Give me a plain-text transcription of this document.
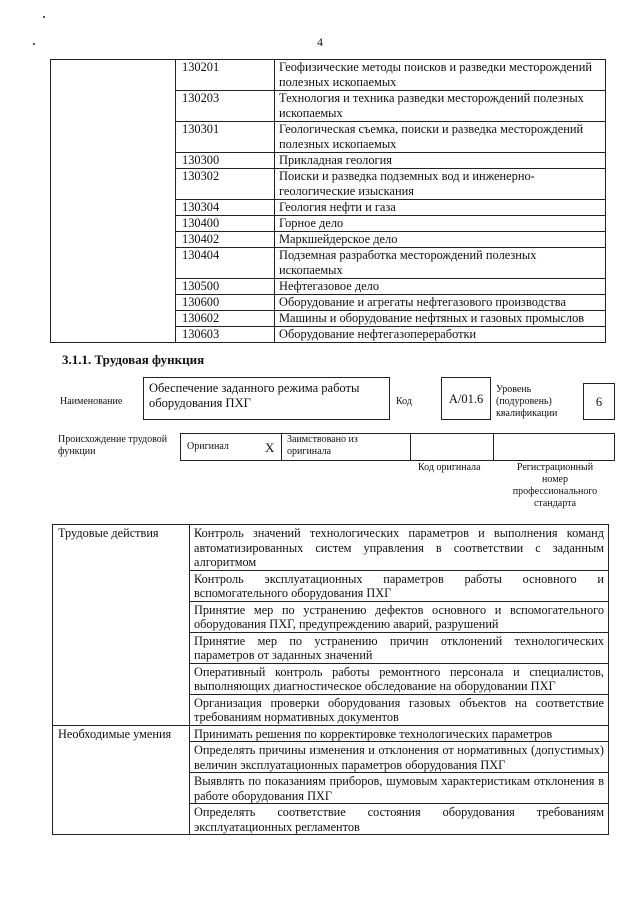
4
	130201	Геофизические методы поисков и разведки месторождений полезных ископаемых
	130203	Технология и техника разведки месторождений полезных ископаемых
	130301	Геологическая съемка, поиски и разведка месторождений полезных ископаемых
	130300	Прикладная геология
	130302	Поиски и разведка подземных вод и инженерно-геологические изыскания
	130304	Геология нефти и газа
	130400	Горное дело
	130402	Маркшейдерское дело
	130404	Подземная разработка месторождений полезных ископаемых
	130500	Нефтегазовое дело
	130600	Оборудование и агрегаты нефтегазового производства
	130602	Машины и оборудование нефтяных и газовых промыслов
	130603	Оборудование нефтегазопереработки
3.1.1. Трудовая функция
Наименование
Обеспечение заданного режима работы оборудования ПХГ	Код	А/01.6
Уровень (подуровень) квалификации
6
Происхождение трудовой функции	Оригинал	X
Заимствовано из оригинала
Код оригинала	Регистрационный номер профессионального стандарта
Трудовые действия	Контроль значений технологических параметров и выполнения команд автоматизированных систем управления в соответствии с заданным алгоритмом
	Контроль эксплуатационных параметров работы основного и вспомогательного оборудования ПХГ
	Принятие мер по устранению дефектов основного и вспомогательного оборудования ПХГ, предупреждению аварий, разрушений
	Принятие мер по устранению причин отклонений технологических параметров от заданных значений
	Оперативный контроль работы ремонтного персонала и специалистов, выполняющих диагностическое обследование на оборудовании ПХГ
	Организация проверки оборудования газовых объектов на соответствие требованиям нормативных документов
Необходимые умения	Принимать решения по корректировке технологических параметров
	Определять причины изменения и отклонения от нормативных (допустимых) величин эксплуатационных параметров оборудования ПХГ
	Выявлять по показаниям приборов, шумовым характеристикам отклонения в работе оборудования ПХГ
	Определять соответствие состояния оборудования требованиям эксплуатационных регламентов
